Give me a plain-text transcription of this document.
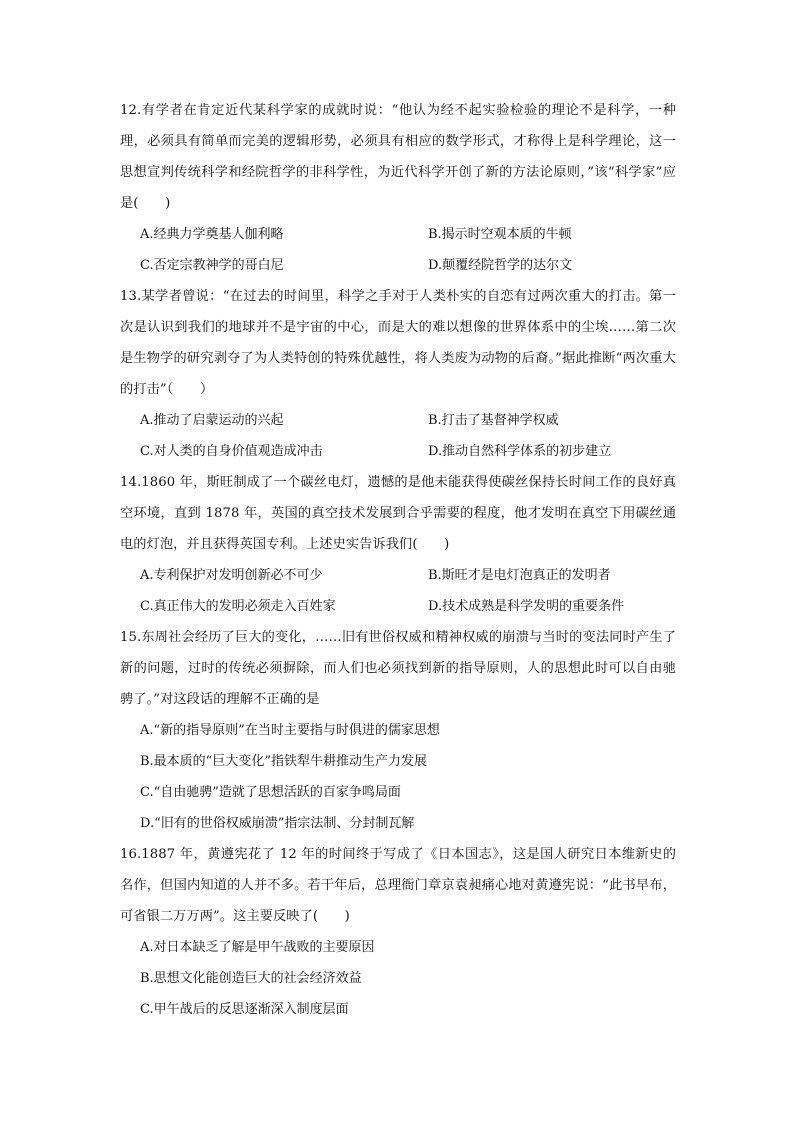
12.有学者在肯定近代某科学家的成就时说：“他认为经不起实验检验的理论不是科学，一种理，必须具有简单而完美的逻辑形势，必须具有相应的数学形式，才称得上是科学理论，这一思想宣判传统科学和经院哲学的非科学性，为近代科学开创了新的方法论原则，”该“科学家”应是(　　)

A.经典力学奠基人伽利略	B.揭示时空观本质的牛顿
C.否定宗教神学的哥白尼	D.颠覆经院哲学的达尔文

13.某学者曾说：“在过去的时间里，科学之手对于人类朴实的自恋有过两次重大的打击。第一次是认识到我们的地球并不是宇宙的中心，而是大的难以想像的世界体系中的尘埃……第二次是生物学的研究剥夺了为人类特创的特殊优越性，将人类废为动物的后裔。”据此推断“两次重大的打击”（　　）

A.推动了启蒙运动的兴起	B.打击了基督神学权威
C.对人类的自身价值观造成冲击	D.推动自然科学体系的初步建立

14.1860 年，斯旺制成了一个碳丝电灯，遗憾的是他未能获得使碳丝保持长时间工作的良好真空环境，直到 1878 年，英国的真空技术发展到合乎需要的程度，他才发明在真空下用碳丝通电的灯泡，并且获得英国专利。上述史实告诉我们(　　)

A.专利保护对发明创新必不可少	B.斯旺才是电灯泡真正的发明者
C.真正伟大的发明必须走入百姓家	D.技术成熟是科学发明的重要条件

15.东周社会经历了巨大的变化，……旧有世俗权威和精神权威的崩溃与当时的变法同时产生了新的问题，过时的传统必须摒除，而人们也必须找到新的指导原则，人的思想此时可以自由驰骋了。”对这段话的理解不正确的是

A.“新的指导原则”在当时主要指与时俱进的儒家思想
B.最本质的“巨大变化”指铁犁牛耕推动生产力发展
C.“自由驰骋”造就了思想活跃的百家争鸣局面
D.“旧有的世俗权威崩溃”指宗法制、分封制瓦解

16.1887 年，黄遵宪花了 12 年的时间终于写成了《日本国志》，这是国人研究日本维新史的名作，但国内知道的人并不多。若干年后，总理衙门章京袁昶痛心地对黄遵宪说：“此书早布，可省银二万万两”。这主要反映了(　　)

A.对日本缺乏了解是甲午战败的主要原因
B.思想文化能创造巨大的社会经济效益
C.甲午战后的反思逐渐深入制度层面
